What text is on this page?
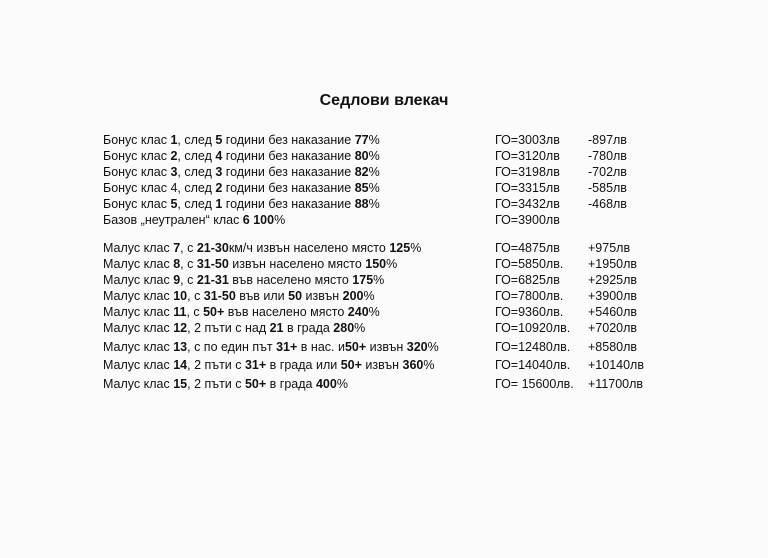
Седлови влекач
Бонус клас 1, след 5 години без наказание 77%	ГО=3003лв -897лв
Бонус клас 2, след 4 години без наказание 80%	ГО=3120лв -780лв
Бонус клас 3, след 3 години без наказание 82%	ГО=3198лв -702лв
Бонус клас 4, след 2 години без наказание 85%	ГО=3315лв -585лв
Бонус клас 5, след 1 години без наказание 88%	ГО=3432лв -468лв
Базов „неутрален“ клас 6 100%	ГО=3900лв
Малус клас 7, с 21-30км/ч извън населено място 125%	ГО=4875лв +975лв
Малус клас 8, с 31-50 извън населено място 150%	ГО=5850лв. +1950лв
Малус клас 9, с 21-31 във населено място 175%	ГО=6825лв +2925лв
Малус клас 10, с 31-50 във или 50 извън 200%	ГО=7800лв. +3900лв
Малус клас 11, с 50+ във населено място 240%	ГО=9360лв. +5460лв
Малус клас 12, 2 пъти с над 21 в града 280%	ГО=10920лв. +7020лв
Малус клас 13, с по един път 31+ в нас. и50+ извън 320%	ГО=12480лв. +8580лв
Малус клас 14, 2 пъти с 31+ в града или 50+ извън 360%	ГО=14040лв. +10140лв
Малус клас 15, 2 пъти с 50+ в града 400%	ГО= 15600лв. +11700лв
